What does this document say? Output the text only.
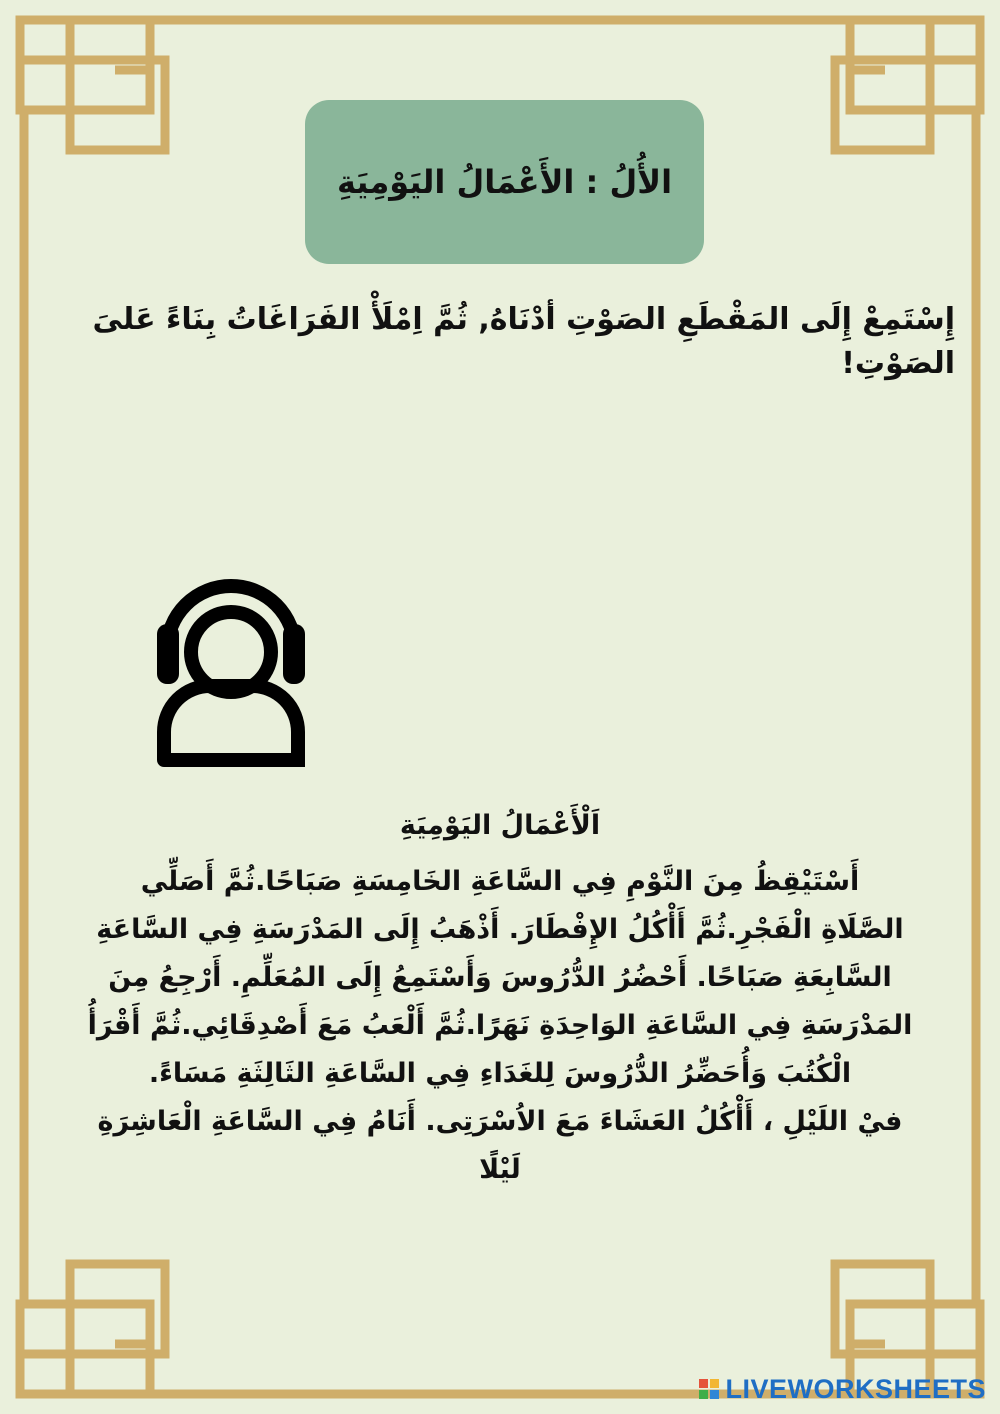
الأُلُ : الأَعْمَالُ اليَوْمِيَةِ

إِسْتَمِعْ إِلَى المَقْطَعِ الصَوْتِ أدْنَاهُ, ثُمَّ اِمْلَأْ الفَرَاغَاتُ بِنَاءً عَلىَ الصَوْتِ!

اَلْأَعْمَالُ اليَوْمِيَةِ

أَسْتَيْقِظُ مِنَ النَّوْمِ فِي السَّاعَةِ الخَامِسَةِ صَبَاحًا.ثُمَّ أَصَلِّي
الصَّلَاةِ الْفَجْرِ.ثُمَّ أَأْكُلُ الإِفْطَارَ. أَذْهَبُ إِلَى المَدْرَسَةِ فِي السَّاعَةِ
السَّابِعَةِ صَبَاحًا. أَحْضُرُ الدُّرُوسَ وَأَسْتَمِعُ إِلَى المُعَلِّمِ. أَرْجِعُ مِنَ
المَدْرَسَةِ فِي السَّاعَةِ الوَاحِدَةِ نَهَرًا.ثُمَّ أَلْعَبُ مَعَ أَصْدِقَائِي.ثُمَّ أَقْرَأُ
الْكُتُبَ وَأُحَضِّرُ الدُّرُوسَ لِلغَدَاءِ فِي السَّاعَةِ الثَالِثَةِ مَسَاءً.
فيْ اللَيْلِ ، أَأْكُلُ العَشَاءَ مَعَ الاُسْرَتِى. أَنَامُ فِي السَّاعَةِ الْعَاشِرَةِ
لَيْلًا
LIVEWORKSHEETS
